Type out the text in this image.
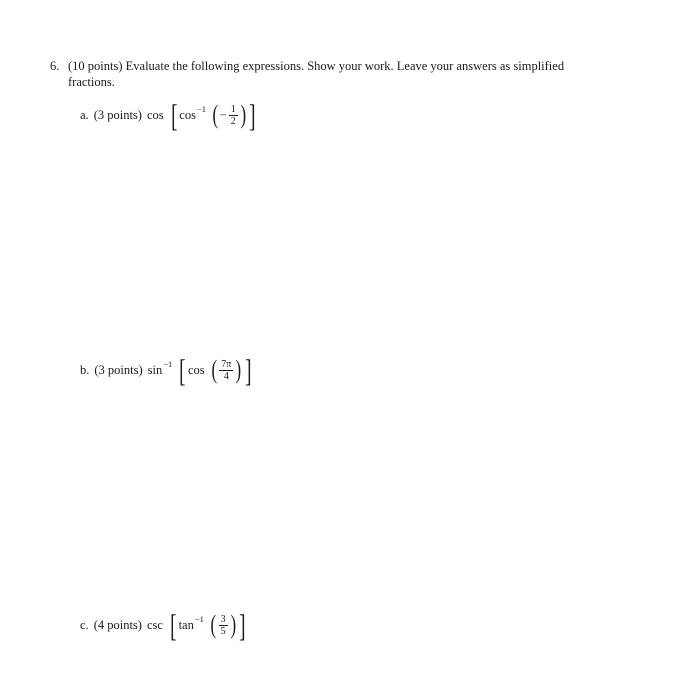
6. (10 points) Evaluate the following expressions. Show your work. Leave your answers as simplified
fractions.
a. (3 points) cos [ cos −1 ( − $\frac{1}{2}$ ) ]
b. (3 points) sin −1 [ cos ( $\frac{7\pi}{4}$ ) ]
c. (4 points) csc [ tan −1 ( $\frac{3}{5}$ ) ]
